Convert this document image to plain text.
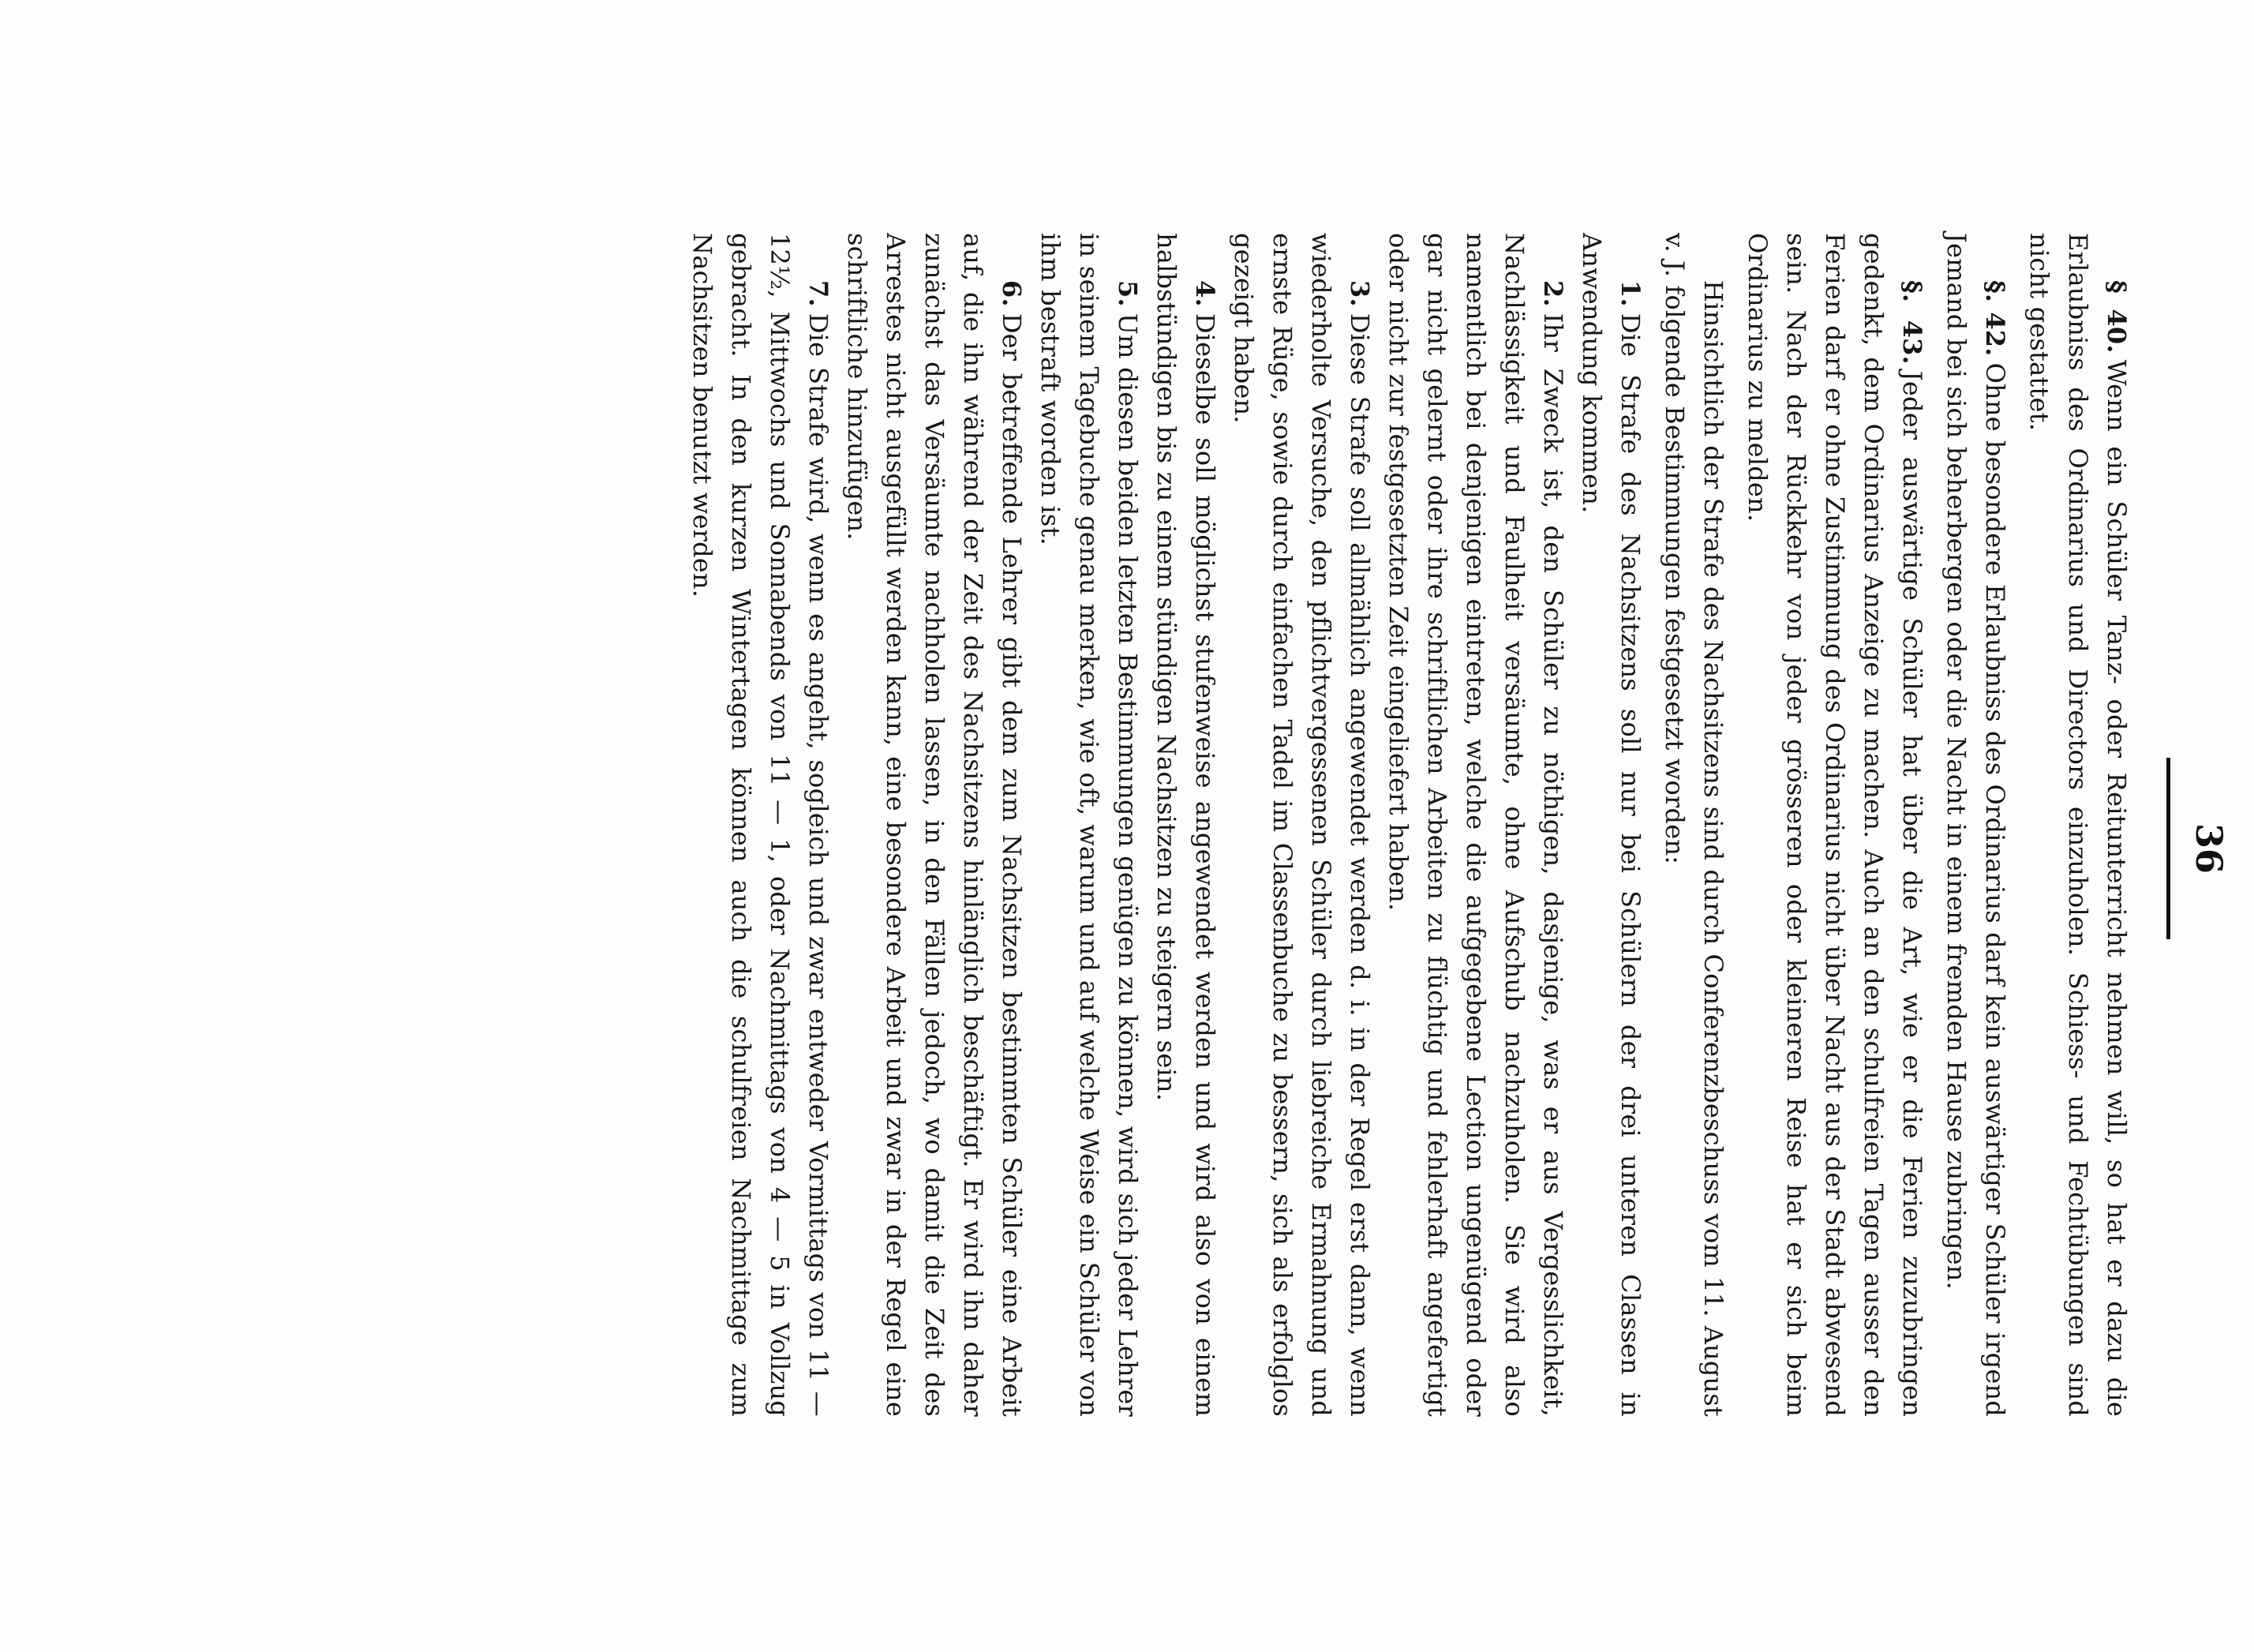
36

§ 40.Wenn ein Schüler Tanz- oder Reitunterricht nehmen will, so hat er dazu die Erlaubniss des Ordinarius und Directors einzuholen. Schiess- und Fechtübungen sind nicht gestattet.

§. 42.Ohne besondere Erlaubniss des Ordinarius darf kein auswärtiger Schüler irgend Jemand bei sich beherbergen oder die Nacht in einem fremden Hause zubringen.

§. 43.Jeder auswärtige Schüler hat über die Art, wie er die Ferien zuzubringen gedenkt, dem Ordinarius Anzeige zu machen. Auch an den schulfreien Tagen ausser den Ferien darf er ohne Zustimmung des Ordinarius nicht über Nacht aus der Stadt abwesend sein. Nach der Rückkehr von jeder grösseren oder kleineren Reise hat er sich beim Ordinarius zu melden.

Hinsichtlich der Strafe des Nachsitzens sind durch Conferenzbeschuss vom 11. August v. J. folgende Bestimmungen festgesetzt worden:

1.Die Strafe des Nachsitzens soll nur bei Schülern der drei unteren Classen in Anwendung kommen.

2.Ihr Zweck ist, den Schüler zu nöthigen, dasjenige, was er aus Vergesslichkeit, Nachlässigkeit und Faulheit versäumte, ohne Aufschub nachzuholen. Sie wird also namentlich bei denjenigen eintreten, welche die aufgegebene Lection ungenügend oder gar nicht gelernt oder ihre schriftlichen Arbeiten zu flüchtig und fehlerhaft angefertigt oder nicht zur festgesetzten Zeit eingeliefert haben.

3.Diese Strafe soll allmählich angewendet werden d. i. in der Regel erst dann, wenn wiederholte Versuche, den pflichtvergessenen Schüler durch liebreiche Ermahnung und ernste Rüge, sowie durch einfachen Tadel im Classenbuche zu bessern, sich als erfolglos gezeigt haben.

4.Dieselbe soll möglichst stufenweise angewendet werden und wird also von einem halbstündigen bis zu einem stündigen Nachsitzen zu steigern sein.

5.Um diesen beiden letzten Bestimmungen genügen zu können, wird sich jeder Lehrer in seinem Tagebuche genau merken, wie oft, warum und auf welche Weise ein Schüler von ihm bestraft worden ist.

6.Der betreffende Lehrer gibt dem zum Nachsitzen bestimmten Schüler eine Arbeit auf, die ihn während der Zeit des Nachsitzens hinlänglich beschäftigt. Er wird ihn daher zunächst das Versäumte nachholen lassen, in den Fällen jedoch, wo damit die Zeit des Arrestes nicht ausgefüllt werden kann, eine besondere Arbeit und zwar in der Regel eine schriftliche hinzufügen.

7.Die Strafe wird, wenn es angeht, sogleich und zwar entweder Vormittags von 11 — 12½, Mittwochs und Sonnabends von 11 — 1, oder Nachmittags von 4 — 5 in Vollzug gebracht. In den kurzen Wintertagen können auch die schulfreien Nachmittage zum Nachsitzen benutzt werden.
